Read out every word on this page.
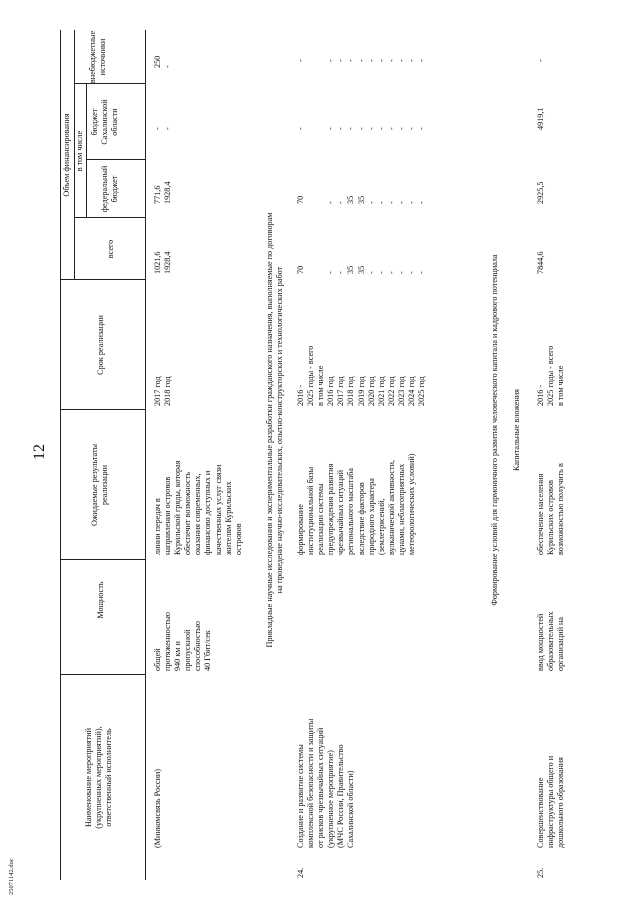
12
25071142.doc
Наименование мероприятий
(укрупненных мероприятий),
ответственный исполнитель
Мощность
Ожидаемые результаты
реализации
Срок реализации
Объем финансирования
всего
в том числе
федеральный
бюджет
бюджет
Сахалинской
области
внебюджетные
источники
(Минкомсвязь России)
общей
протяженностью
940 км и
пропускной
способностью
40 Гбит/сек
линии передач в
направлении островов
Курильской гряды, которая
обеспечит возможность
оказания современных,
финансово доступных и
качественных услуг связи
жителям Курильских
островов
2017 год
2018 год
1021,6
1928,4
771,6
1928,4
-
-
250
-
Прикладные научные исследования и экспериментальные разработки гражданского назначения, выполняемые по договорам
на проведение научно-исследовательских, опытно-конструкторских и технологических работ
24.
Создание и развитие системы
комплексной безопасности и защиты
от рисков чрезвычайных ситуаций
(укрупненное мероприятие)
(МЧС России, Правительство
Сахалинской области)
формирование
институциональной базы
реализации системы
предупреждения развития
чрезвычайных ситуаций
регионального масштаба
вследствие факторов
природного характера
(землетрясений,
вулканической активности,
цунами, неблагоприятных
метеорологических условий)
2016 -
2025 годы - всего
в том числе
2016 год
2017 год
2018 год
2019 год
2020 год
2021 год
2022 год
2023 год
2024 год
2025 год
70

-
-
35
35
-
-
-
-
-
-
70

-
-
35
35
-
-
-
-
-
-
-

-
-
-
-
-
-
-
-
-
-
-

-
-
-
-
-
-
-
-
-
-
Формирование условий для гармоничного развития человеческого капитала и кадрового потенциала Капитальные вложения
25.
Совершенствование
инфраструктуры общего и
дошкольного образования
ввод мощностей
образовательных
организаций на
обеспечение населения
Курильских островов
возможностью получить в
2016 -
2025 годы - всего
в том числе
7844,6
2925,5
4919,1
-
